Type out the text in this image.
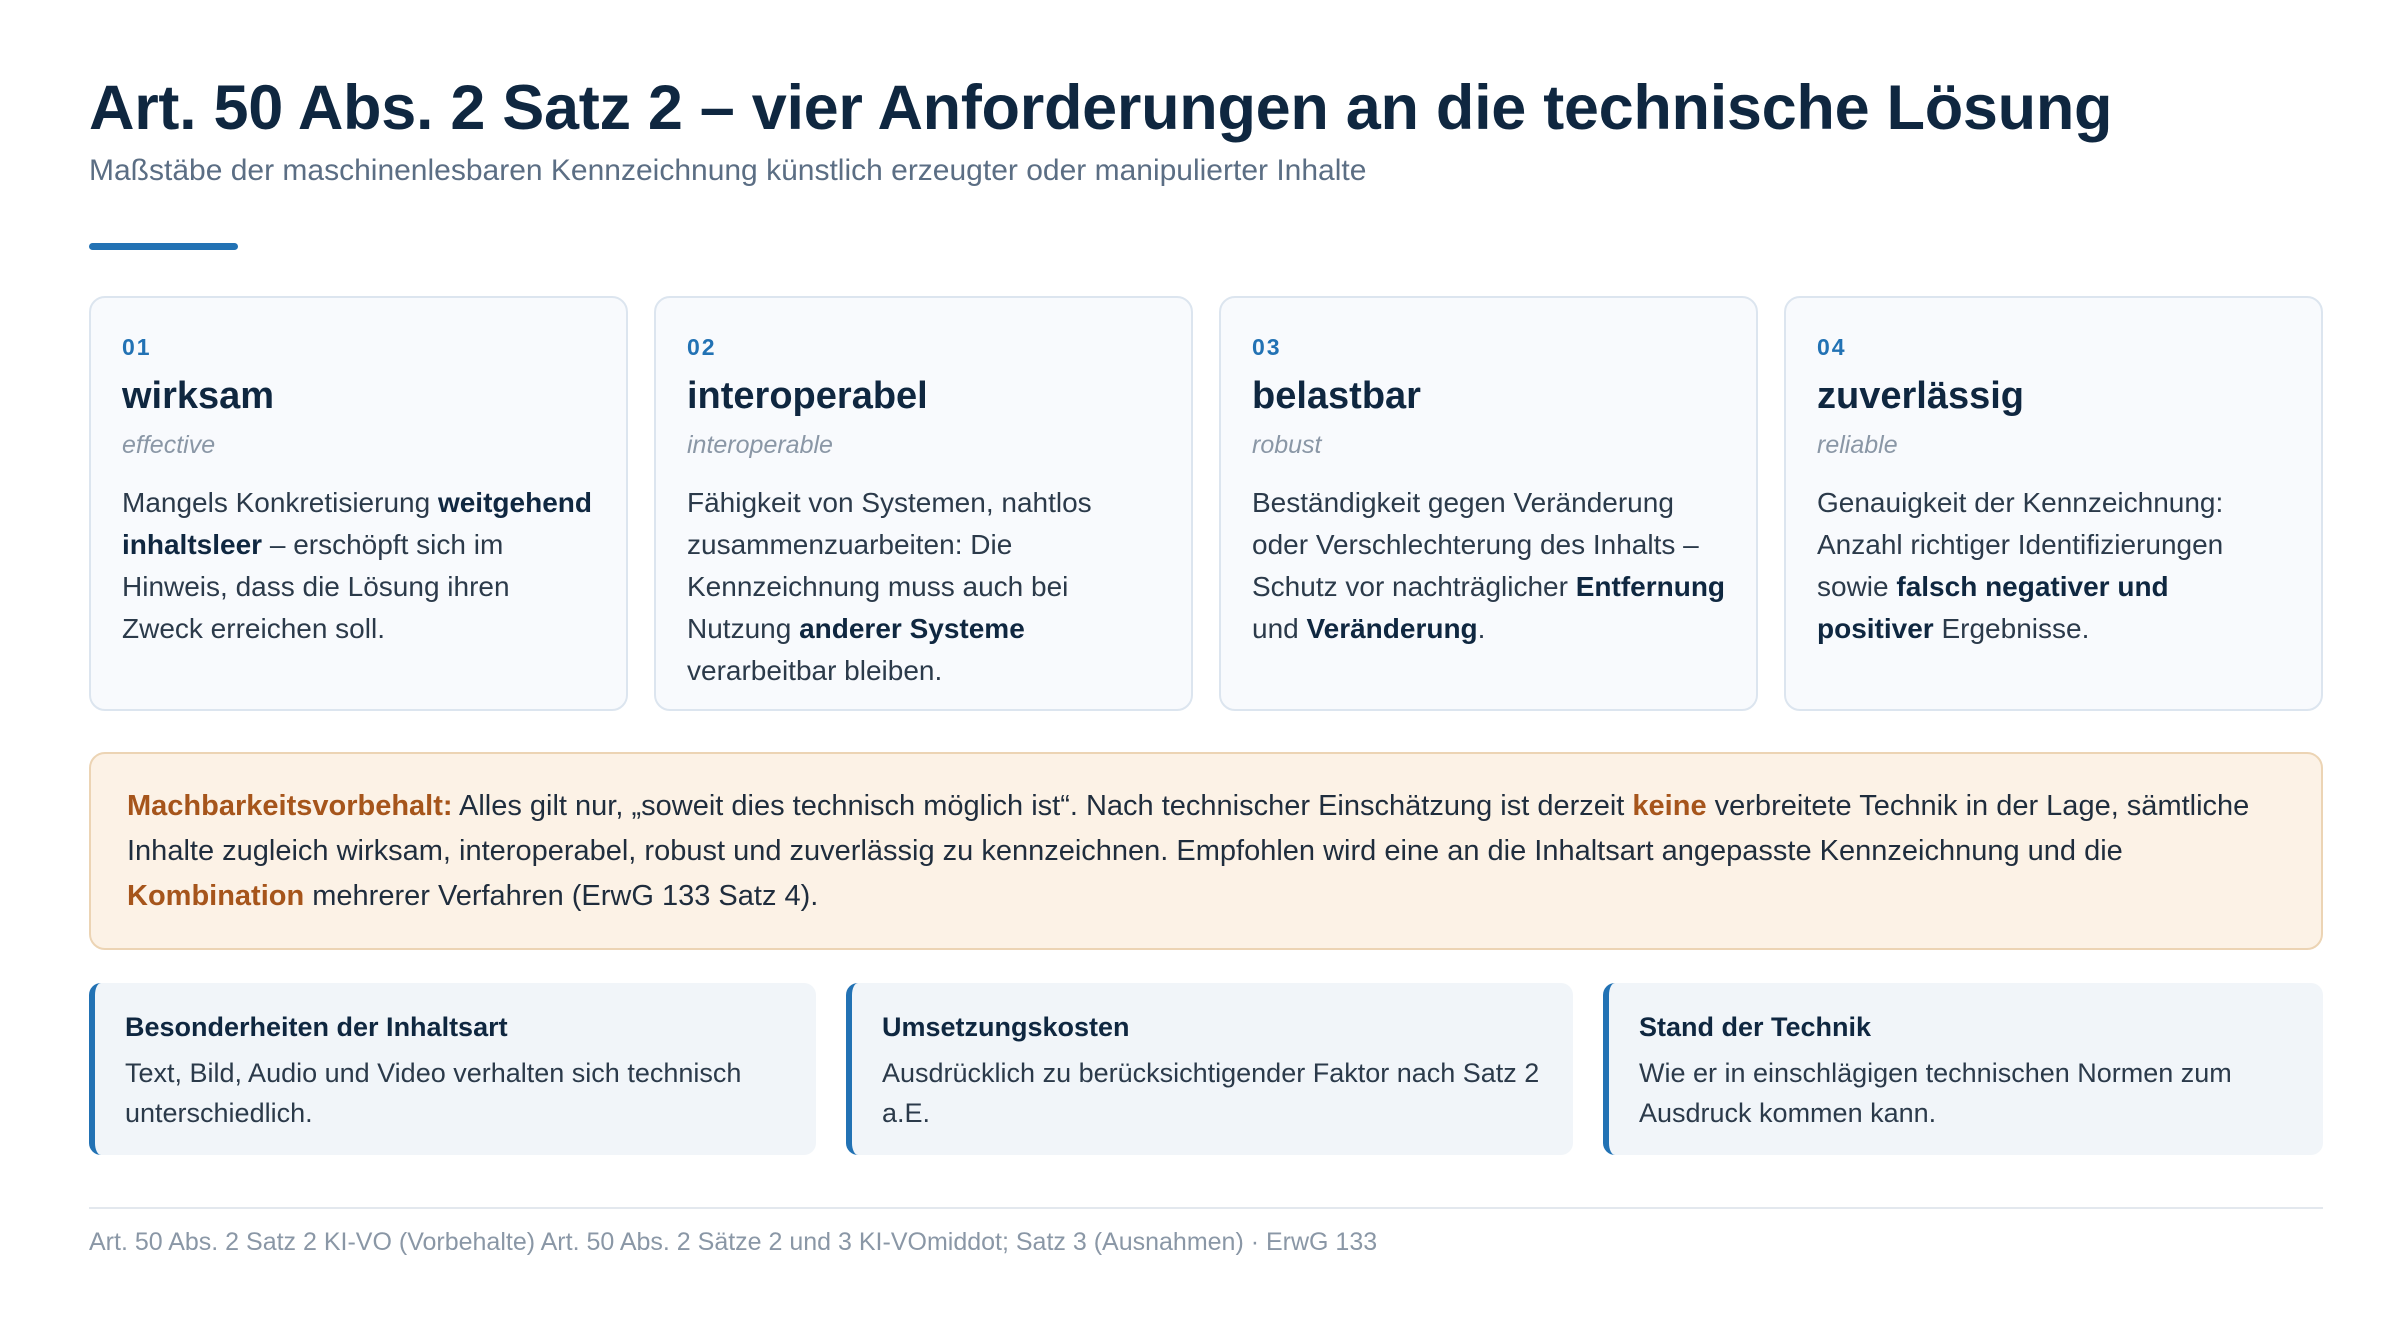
Art. 50 Abs. 2 Satz 2 – vier Anforderungen an die technische Lösung
Maßstäbe der maschinenlesbaren Kennzeichnung künstlich erzeugter oder manipulierter Inhalte
01
wirksam
effective
Mangels Konkretisierung weitgehend inhaltsleer – erschöpft sich im Hinweis, dass die Lösung ihren Zweck erreichen soll.
02
interoperabel
interoperable
Fähigkeit von Systemen, nahtlos zusammenzuarbeiten: Die Kennzeichnung muss auch bei Nutzung anderer Systeme verarbeitbar bleiben.
03
belastbar
robust
Beständigkeit gegen Veränderung oder Verschlechterung des Inhalts – Schutz vor nachträglicher Entfernung und Veränderung.
04
zuverlässig
reliable
Genauigkeit der Kennzeichnung: Anzahl richtiger Identifizierungen sowie falsch negativer und positiver Ergebnisse.
Machbarkeitsvorbehalt: Alles gilt nur, „soweit dies technisch möglich ist“. Nach technischer Einschätzung ist derzeit keine verbreitete Technik in der Lage, sämtliche Inhalte zugleich wirksam, interoperabel, robust und zuverlässig zu kennzeichnen. Empfohlen wird eine an die Inhaltsart angepasste Kennzeichnung und die Kombination mehrerer Verfahren (ErwG 133 Satz 4).
Besonderheiten der Inhaltsart
Text, Bild, Audio und Video verhalten sich technisch unterschiedlich.
Umsetzungskosten
Ausdrücklich zu berücksichtigender Faktor nach Satz 2 a.E.
Stand der Technik
Wie er in einschlägigen technischen Normen zum Ausdruck kommen kann.
Art. 50 Abs. 2 Satz 2 KI-VO (Vorbehalte) Art. 50 Abs. 2 Sätze 2 und 3 KI-VOmiddot; Satz 3 (Ausnahmen) · ErwG 133
